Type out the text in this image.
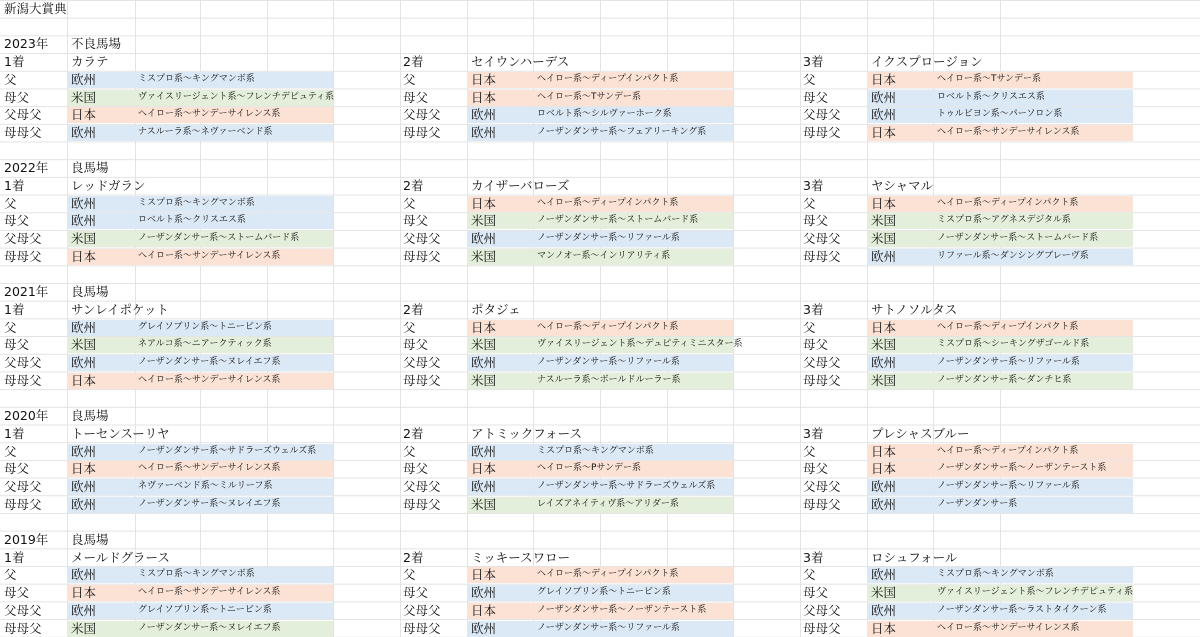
新潟大賞典
2023年 不良馬場
1着	カラテ	2着	セイウンハーデス	3着	イクスプロージョン
父	欧州	ミスプロ系～キングマンボ系	父	日本	ヘイロー系～ディープインパクト系	父	日本	ヘイロー系～Tサンデー系
母父	米国	ヴァイスリージェント系～フレンチデピュティ系	母父	日本	ヘイロー系～Tサンデー系	母父	欧州	ロベルト系～クリスエス系
父母父 日本	ヘイロー系～サンデーサイレンス系	父母父 欧州	ロベルト系～シルヴァーホーク系	父母父 欧州	トゥルビヨン系～パーソロン系
母母父 欧州	ナスルーラ系～ネヴァーベンド系	母母父 欧州	ノーザンダンサー系～フェアリーキング系	母母父 日本	ヘイロー系～サンデーサイレンス系
2022年 良馬場
1着	レッドガラン	2着	カイザーバローズ	3着	ヤシャマル
父	欧州	ミスプロ系～キングマンボ系	父	日本	ヘイロー系～ディープインパクト系	父	日本	ヘイロー系～ディープインパクト系
母父	欧州	ロベルト系～クリスエス系	母父	米国	ノーザンダンサー系～ストームバード系	母父	米国	ミスプロ系～アグネスデジタル系
父母父 米国	ノーザンダンサー系～ストームバード系	父母父 欧州	ノーザンダンサー系～リファール系	父母父 米国	ノーザンダンサー系～ストームバード系
母母父 日本	ヘイロー系～サンデーサイレンス系	母母父 米国	マンノオー系～インリアリティ系	母母父 欧州	リファール系～ダンシングブレーヴ系
2021年 良馬場
1着	サンレイポケット	2着	ポタジェ	3着	サトノソルタス
父	欧州	グレイソブリン系～トニービン系	父	日本	ヘイロー系～ディープインパクト系	父	日本	ヘイロー系～ディープインパクト系
母父	米国	ネアルコ系～ニアークティック系	母父	米国	ヴァイスリージェント系～デュピティミニスター系	母父	米国	ミスプロ系～シーキングザゴールド系
父母父 欧州	ノーザンダンサー系～ヌレイエフ系	父母父 欧州	ノーザンダンサー系～リファール系	父母父 欧州	ノーザンダンサー系～リファール系
母母父 日本	ヘイロー系～サンデーサイレンス系	母母父 米国	ナスルーラ系～ボールドルーラー系	母母父 米国	ノーザンダンサー系～ダンチヒ系
2020年 良馬場
1着	トーセンスーリヤ	2着	アトミックフォース	3着	プレシャスブルー
父	欧州	ノーザンダンサー系～サドラーズウェルズ系	父	欧州	ミスプロ系～キングマンボ系	父	日本	ヘイロー系～ディープインパクト系
母父	日本	ヘイロー系～サンデーサイレンス系	母父	日本	ヘイロー系～Pサンデー系	母父	日本	ノーザンダンサー系～ノーザンテースト系
父母父 欧州	ネヴァーベンド系～ミルリーフ系	父母父 欧州	ノーザンダンサー系～サドラーズウェルズ系	父母父 欧州	ノーザンダンサー系～リファール系
母母父 欧州	ノーザンダンサー系～ヌレイエフ系	母母父 米国	レイズアネイティヴ系～アリダー系	母母父 欧州	ノーザンダンサー系
2019年 良馬場
1着	メールドグラース	2着	ミッキースワロー	3着	ロシュフォール
父	欧州	ミスプロ系～キングマンボ系	父	日本	ヘイロー系～ディープインパクト系	父	欧州	ミスプロ系～キングマンボ系
母父	日本	ヘイロー系～サンデーサイレンス系	母父	欧州	グレイソブリン系～トニービン系	母父	米国	ヴァイスリージェント系～フレンチデピュティ系
父母父 欧州	グレイソブリン系～トニービン系	父母父 日本	ノーザンダンサー系～ノーザンテースト系	父母父 欧州	ノーザンダンサー系～ラストタイクーン系
母母父 米国	ノーザンダンサー系～ヌレイエフ系	母母父 欧州	ノーザンダンサー系～リファール系	母母父 日本	ヘイロー系～サンデーサイレンス系
